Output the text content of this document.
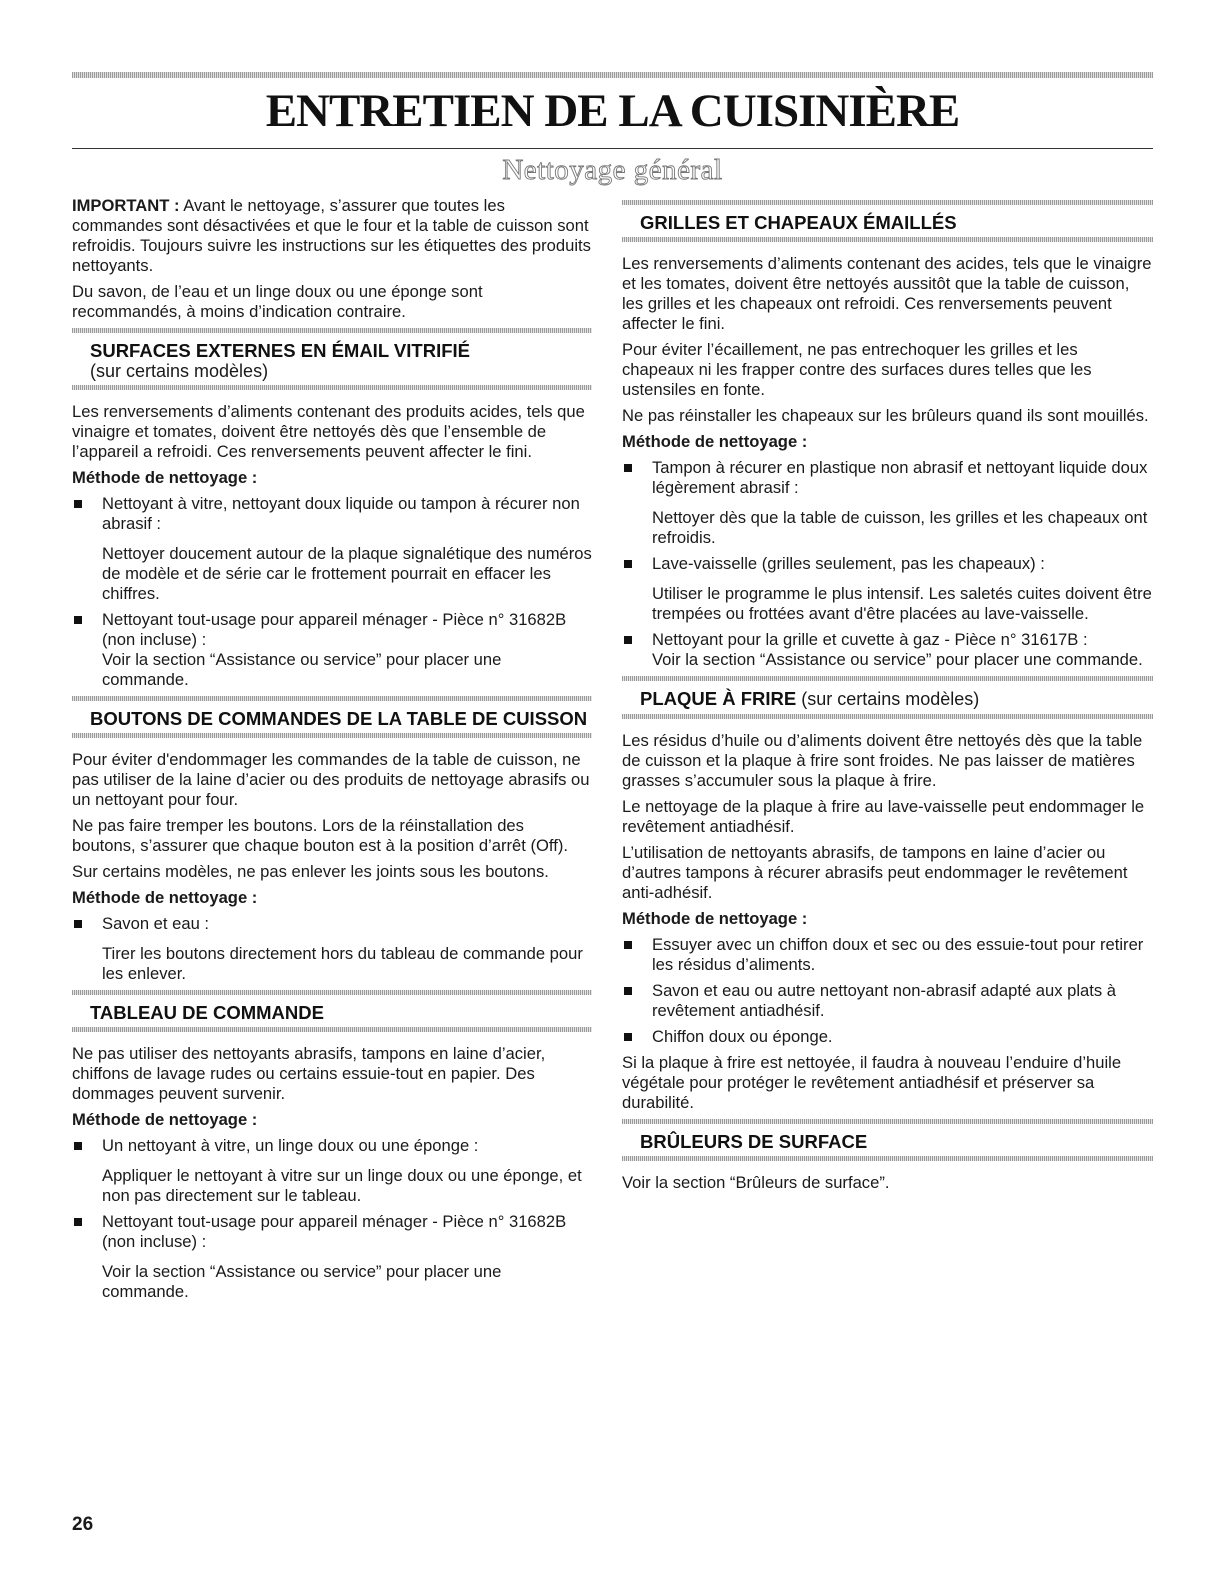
ENTRETIEN DE LA CUISINIÈRE
Nettoyage général

IMPORTANT : Avant le nettoyage, s’assurer que toutes les commandes sont désactivées et que le four et la table de cuisson sont refroidis. Toujours suivre les instructions sur les étiquettes des produits nettoyants.

Du savon, de l’eau et un linge doux ou une éponge sont recommandés, à moins d’indication contraire.

SURFACES EXTERNES EN ÉMAIL VITRIFIÉ
(sur certains modèles)

Les renversements d’aliments contenant des produits acides, tels que vinaigre et tomates, doivent être nettoyés dès que l’ensemble de l’appareil a refroidi. Ces renversements peuvent affecter le fini.

Méthode de nettoyage :

Nettoyant à vitre, nettoyant doux liquide ou tampon à récurer non abrasif :
Nettoyer doucement autour de la plaque signalétique des numéros de modèle et de série car le frottement pourrait en effacer les chiffres.
Nettoyant tout-usage pour appareil ménager - Pièce n° 31682B (non incluse) :
Voir la section “Assistance ou service” pour placer une commande.
BOUTONS DE COMMANDES DE LA TABLE DE CUISSON

Pour éviter d'endommager les commandes de la table de cuisson, ne pas utiliser de la laine d’acier ou des produits de nettoyage abrasifs ou un nettoyant pour four.

Ne pas faire tremper les boutons. Lors de la réinstallation des boutons, s’assurer que chaque bouton est à la position d’arrêt (Off).

Sur certains modèles, ne pas enlever les joints sous les boutons.

Méthode de nettoyage :

Savon et eau :
Tirer les boutons directement hors du tableau de commande pour les enlever.
TABLEAU DE COMMANDE

Ne pas utiliser des nettoyants abrasifs, tampons en laine d’acier, chiffons de lavage rudes ou certains essuie-tout en papier. Des dommages peuvent survenir.

Méthode de nettoyage :

Un nettoyant à vitre, un linge doux ou une éponge :
Appliquer le nettoyant à vitre sur un linge doux ou une éponge, et non pas directement sur le tableau.
Nettoyant tout-usage pour appareil ménager - Pièce n° 31682B (non incluse) :
Voir la section “Assistance ou service” pour placer une commande.
GRILLES ET CHAPEAUX ÉMAILLÉS

Les renversements d’aliments contenant des acides, tels que le vinaigre et les tomates, doivent être nettoyés aussitôt que la table de cuisson, les grilles et les chapeaux ont refroidi. Ces renversements peuvent affecter le fini.

Pour éviter l’écaillement, ne pas entrechoquer les grilles et les chapeaux ni les frapper contre des surfaces dures telles que les ustensiles en fonte.

Ne pas réinstaller les chapeaux sur les brûleurs quand ils sont mouillés.

Méthode de nettoyage :

Tampon à récurer en plastique non abrasif et nettoyant liquide doux légèrement abrasif :
Nettoyer dès que la table de cuisson, les grilles et les chapeaux ont refroidis.
Lave-vaisselle (grilles seulement, pas les chapeaux) :
Utiliser le programme le plus intensif. Les saletés cuites doivent être trempées ou frottées avant d'être placées au lave-vaisselle.
Nettoyant pour la grille et cuvette à gaz - Pièce n° 31617B :
Voir la section “Assistance ou service” pour placer une commande.
PLAQUE À FRIRE (sur certains modèles)

Les résidus d’huile ou d’aliments doivent être nettoyés dès que la table de cuisson et la plaque à frire sont froides. Ne pas laisser de matières grasses s’accumuler sous la plaque à frire.

Le nettoyage de la plaque à frire au lave-vaisselle peut endommager le revêtement antiadhésif.

L’utilisation de nettoyants abrasifs, de tampons en laine d’acier ou d’autres tampons à récurer abrasifs peut endommager le revêtement anti-adhésif.

Méthode de nettoyage :

Essuyer avec un chiffon doux et sec ou des essuie-tout pour retirer les résidus d’aliments.
Savon et eau ou autre nettoyant non-abrasif adapté aux plats à revêtement antiadhésif.
Chiffon doux ou éponge.

Si la plaque à frire est nettoyée, il faudra à nouveau l’enduire d’huile végétale pour protéger le revêtement antiadhésif et préserver sa durabilité.

BRÛLEURS DE SURFACE

Voir la section “Brûleurs de surface”.

26
